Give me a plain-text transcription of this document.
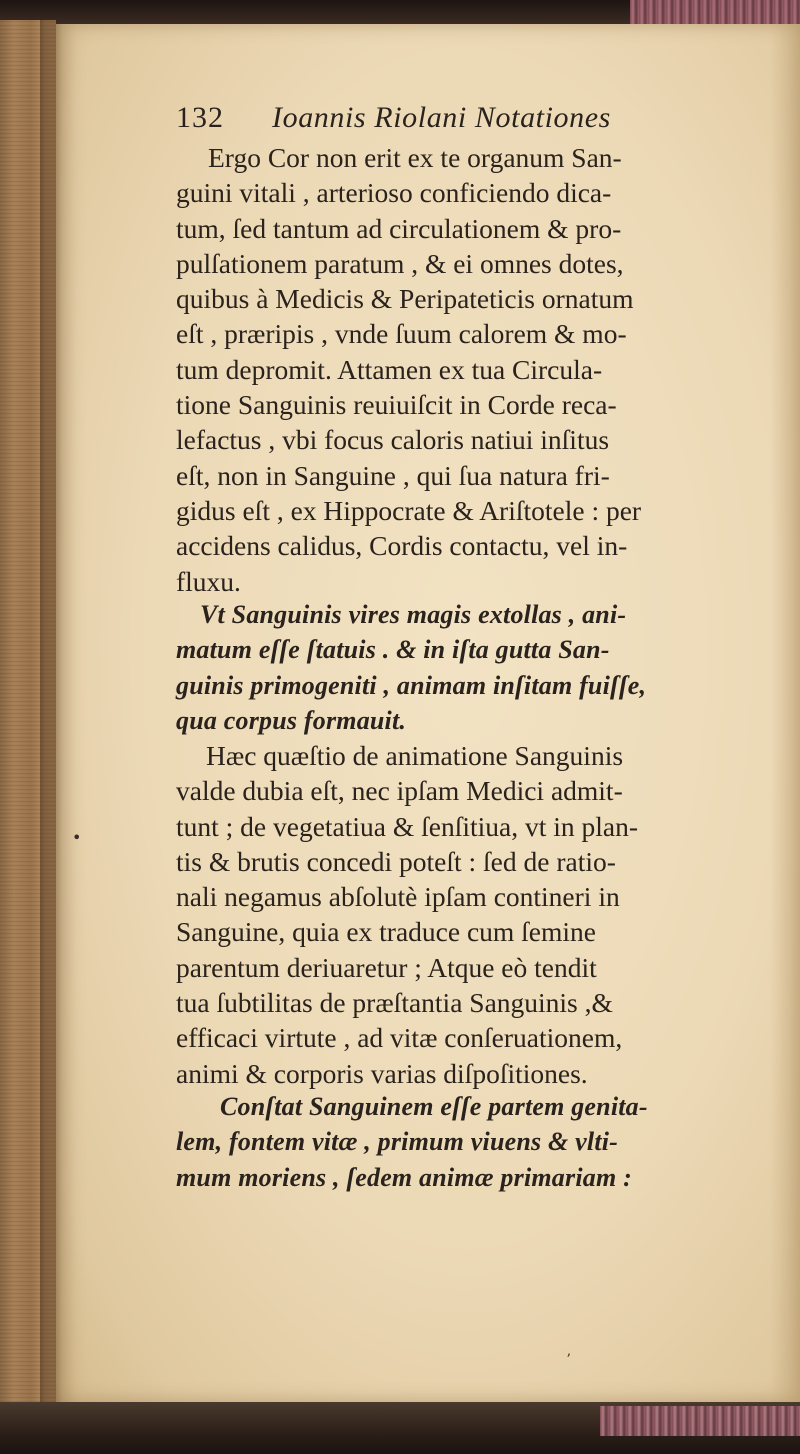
132 Ioannis Riolani Notationes
Ergo Cor non erit ex te organum San-
guini vitali , arterioso conficiendo dica-
tum, ſed tantum ad circulationem & pro-
pulſationem paratum , & ei omnes dotes,
quibus à Medicis & Peripateticis ornatum
eſt , præripis , vnde ſuum calorem & mo-
tum depromit. Attamen ex tua Circula-
tione Sanguinis reuiuiſcit in Corde reca-
lefactus , vbi focus caloris natiui inſitus
eſt, non in Sanguine , qui ſua natura fri-
gidus eſt , ex Hippocrate & Ariſtotele : per
accidens calidus, Cordis contactu, vel in-
fluxu.
Vt Sanguinis vires magis extollas , ani-
matum eſſe ſtatuis . & in iſta gutta San-
guinis primogeniti , animam inſitam fuiſſe,
qua corpus formauit.
Hæc quæſtio de animatione Sanguinis
valde dubia eſt, nec ipſam Medici admit-
tunt ; de vegetatiua & ſenſitiua, vt in plan-
tis & brutis concedi poteſt : ſed de ratio-
nali negamus abſolutè ipſam contineri in
Sanguine, quia ex traduce cum ſemine
parentum deriuaretur ; Atque eò tendit
tua ſubtilitas de præſtantia Sanguinis ,&
efficaci virtute , ad vitæ conſeruationem,
animi & corporis varias diſpoſitiones.
Conſtat Sanguinem eſſe partem genita-
lem, fontem vitæ , primum viuens & vlti-
mum moriens , ſedem animæ primariam :
•
ʼ
